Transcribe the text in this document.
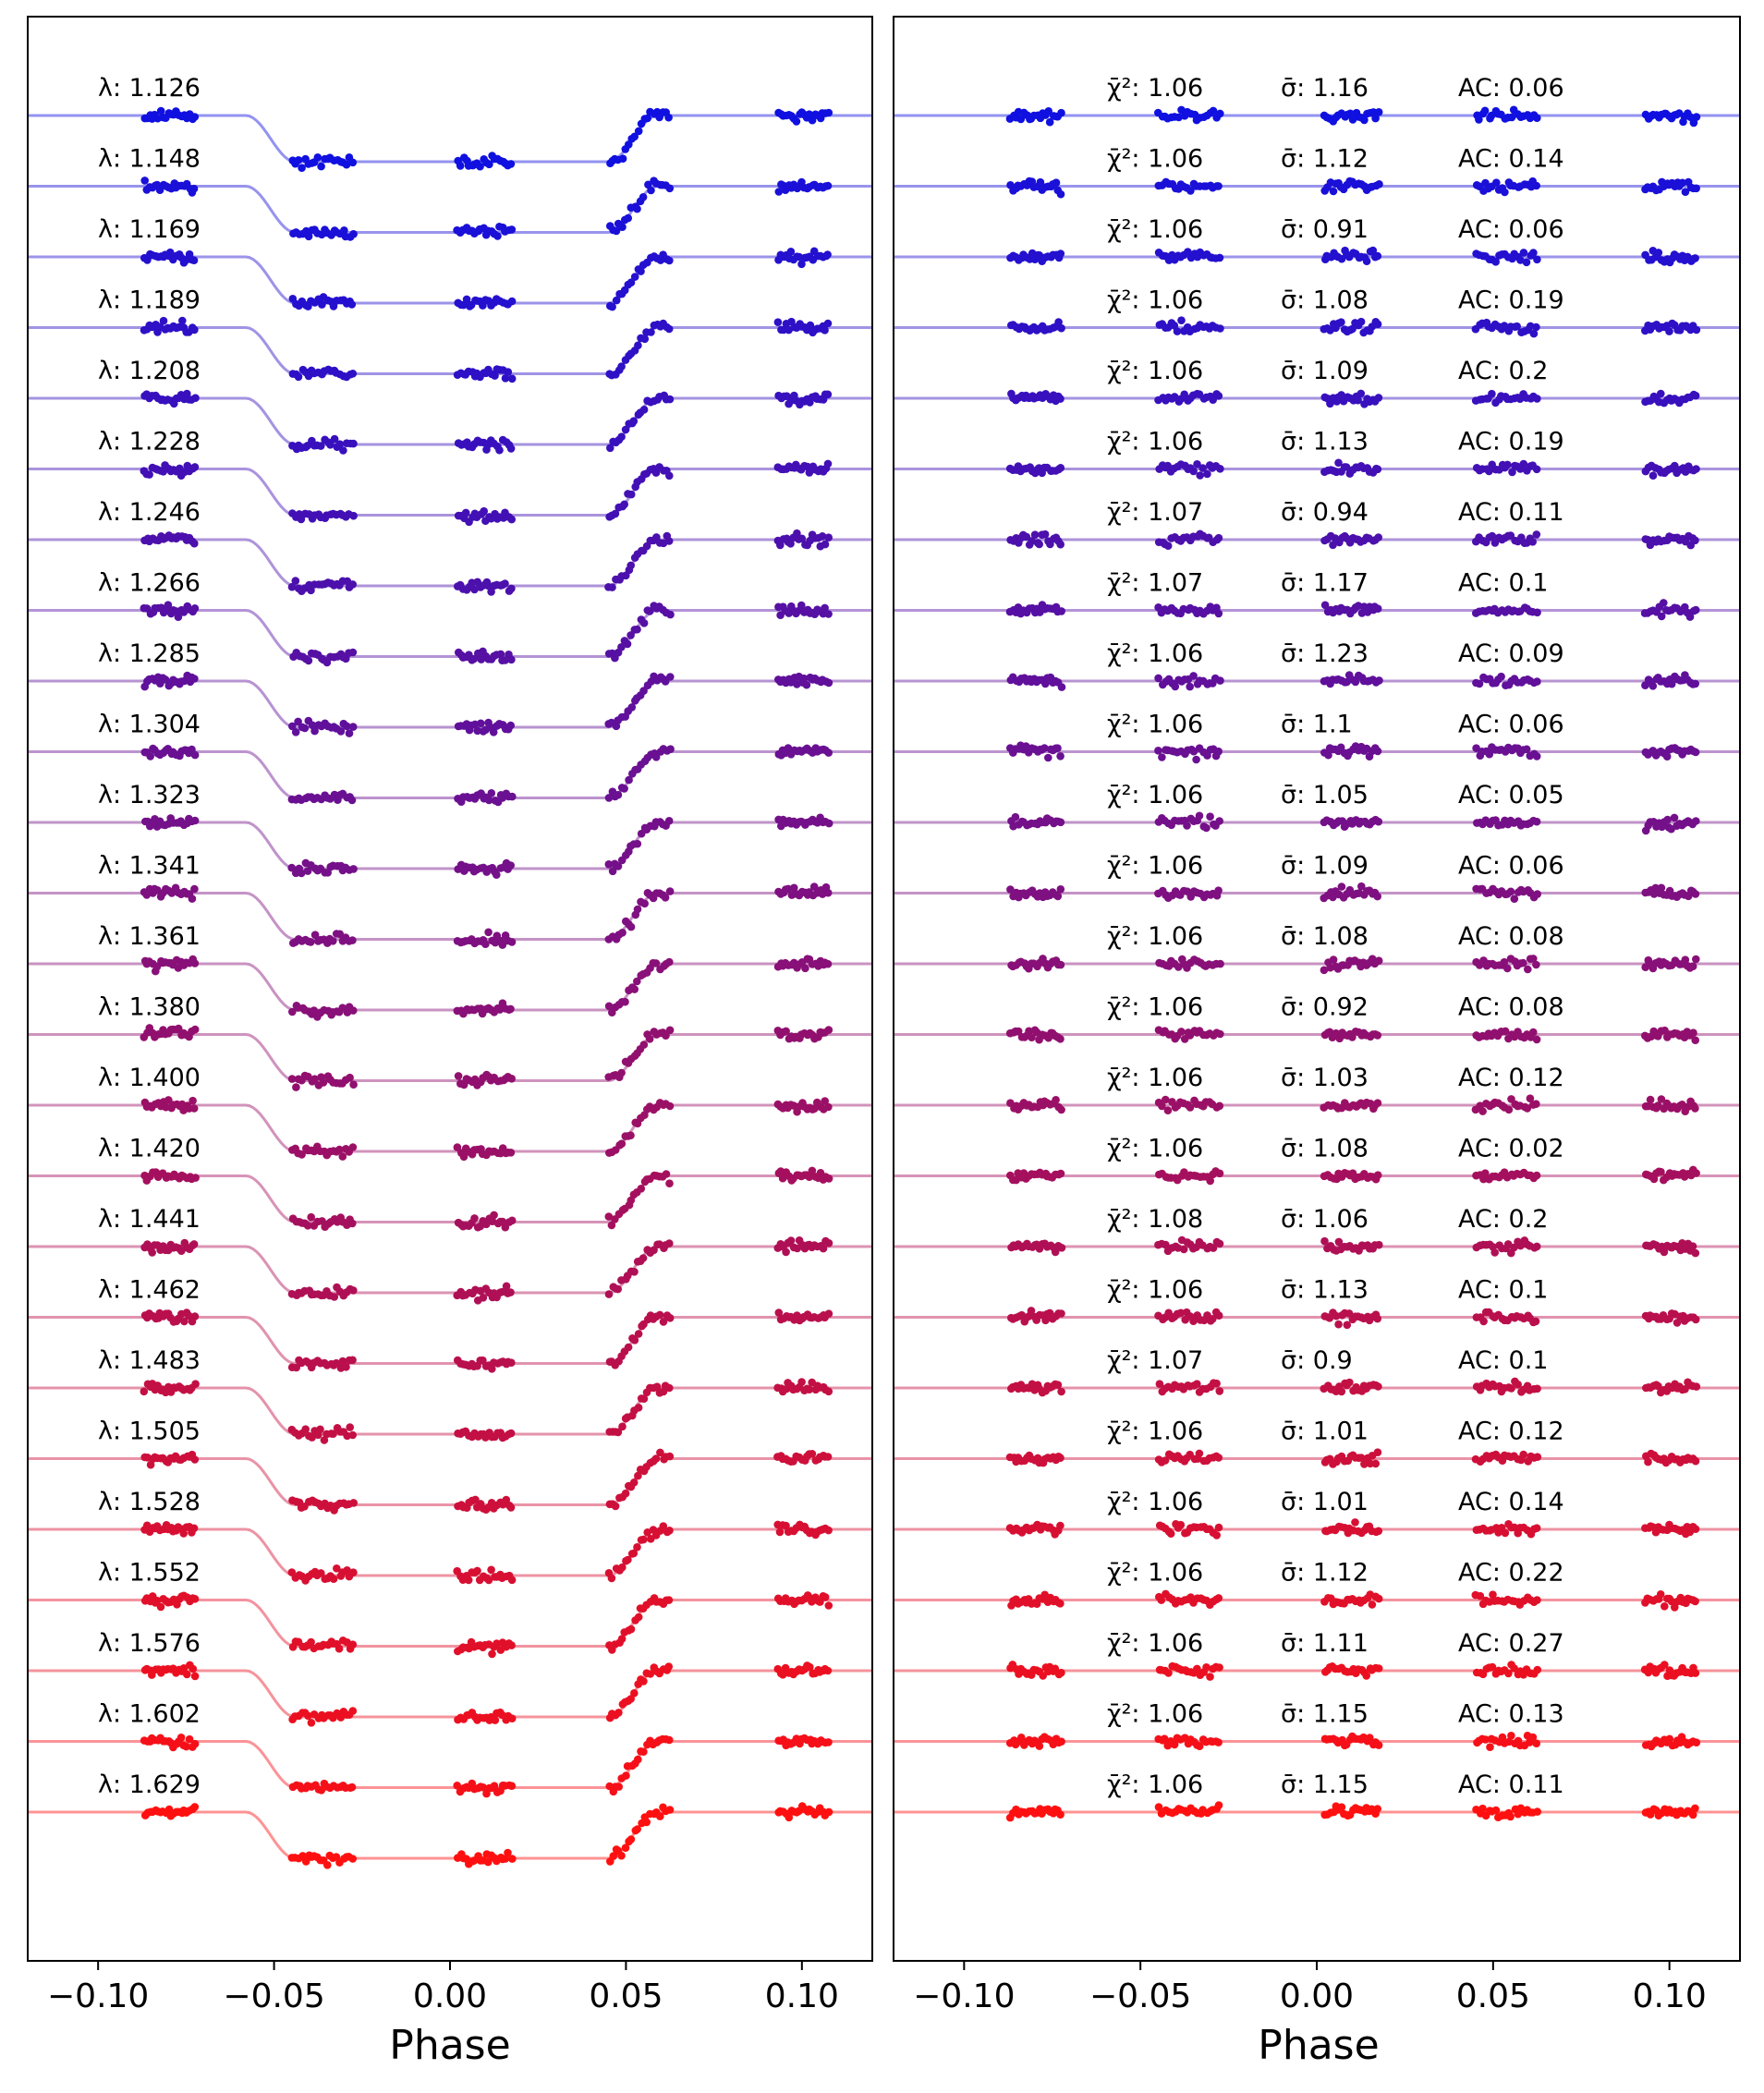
λ: 1.126
λ: 1.148
λ: 1.169
λ: 1.189
λ: 1.208
λ: 1.228
λ: 1.246
λ: 1.266
λ: 1.285
λ: 1.304
λ: 1.323
λ: 1.341
λ: 1.361
λ: 1.380
λ: 1.400
λ: 1.420
λ: 1.441
λ: 1.462
λ: 1.483
λ: 1.505
λ: 1.528
λ: 1.552
λ: 1.576
λ: 1.602
λ: 1.629
−0.10 −0.05	0.00	0.05	0.10
χ̄²: 1.06	σ̄: 1.16	AC: 0.06
χ̄²: 1.06	σ̄: 1.12	AC: 0.14
χ̄²: 1.06	σ̄: 0.91	AC: 0.06
χ̄²: 1.06	σ̄: 1.08	AC: 0.19
χ̄²: 1.06	σ̄: 1.09	AC: 0.2
χ̄²: 1.06	σ̄: 1.13	AC: 0.19
χ̄²: 1.07	σ̄: 0.94	AC: 0.11
χ̄²: 1.07	σ̄: 1.17	AC: 0.1
χ̄²: 1.06	σ̄: 1.23	AC: 0.09
χ̄²: 1.06	σ̄: 1.1	AC: 0.06
χ̄²: 1.06	σ̄: 1.05	AC: 0.05
χ̄²: 1.06	σ̄: 1.09	AC: 0.06
χ̄²: 1.06	σ̄: 1.08	AC: 0.08
χ̄²: 1.06	σ̄: 0.92	AC: 0.08
χ̄²: 1.06	σ̄: 1.03	AC: 0.12
χ̄²: 1.06	σ̄: 1.08	AC: 0.02
χ̄²: 1.08	σ̄: 1.06	AC: 0.2
χ̄²: 1.06	σ̄: 1.13	AC: 0.1
χ̄²: 1.07	σ̄: 0.9	AC: 0.1
χ̄²: 1.06	σ̄: 1.01	AC: 0.12
χ̄²: 1.06	σ̄: 1.01	AC: 0.14
χ̄²: 1.06	σ̄: 1.12	AC: 0.22
χ̄²: 1.06	σ̄: 1.11	AC: 0.27
χ̄²: 1.06	σ̄: 1.15	AC: 0.13
χ̄²: 1.06	σ̄: 1.15	AC: 0.11
−0.10 −0.05	0.00	0.05	0.10
Phase	Phase
